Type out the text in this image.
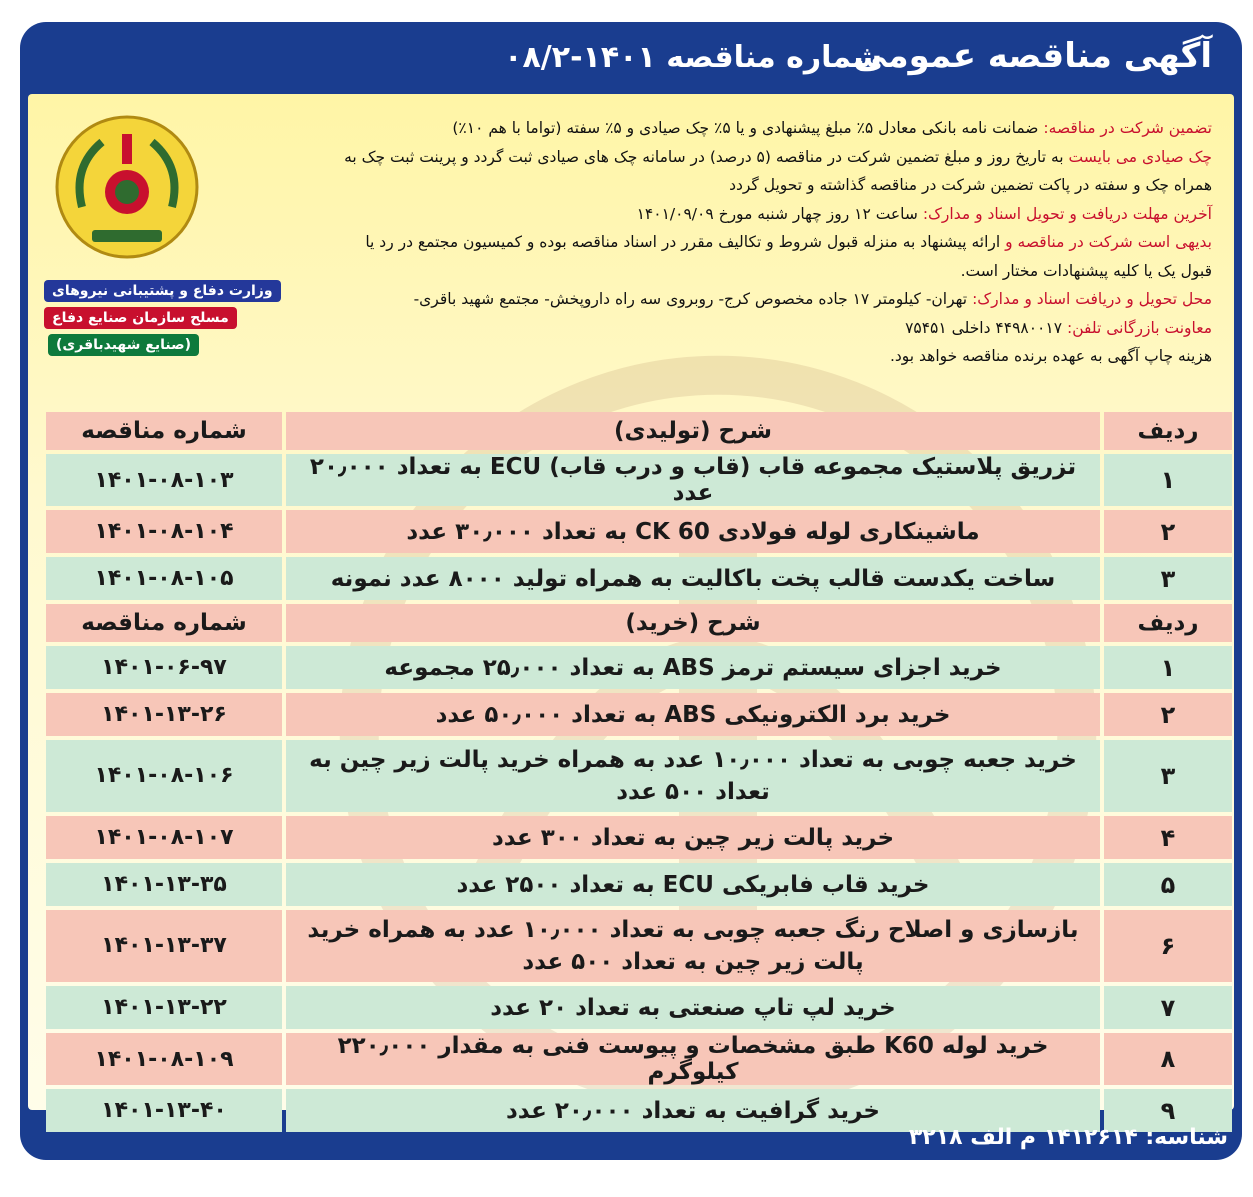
آگهی مناقصه عمومی
شماره مناقصه ۱۴۰۱-۰۸/۲
وزارت دفاع و پشتیبانی نیروهای
مسلح سازمان صنایع دفاع
(صنایع شهیدباقری)
تضمین شرکت در مناقصه: ضمانت نامه بانکی معادل ۵٪ مبلغ پیشنهادی و یا ۵٪ چک صیادی و ۵٪ سفته (تواما با هم ۱۰٪)
چک صیادی می بایست به تاریخ روز و مبلغ تضمین شرکت در مناقصه (۵ درصد) در سامانه چک های صیادی ثبت گردد و پرینت ثبت چک به همراه چک و سفته در پاکت تضمین شرکت در مناقصه گذاشته و تحویل گردد
آخرین مهلت دریافت و تحویل اسناد و مدارک: ساعت ۱۲ روز چهار شنبه مورخ ۱۴۰۱/۰۹/۰۹
بدیهی است شرکت در مناقصه و ارائه پیشنهاد به منزله قبول شروط و تکالیف مقرر در اسناد مناقصه بوده و کمیسیون مجتمع در رد یا قبول یک یا کلیه پیشنهادات مختار است.
محل تحویل و دریافت اسناد و مدارک: تهران- کیلومتر ۱۷ جاده مخصوص کرج- روبروی سه راه داروپخش- مجتمع شهید باقری-
معاونت بازرگانی تلفن: ۴۴۹۸۰۰۱۷ داخلی ۷۵۴۵۱
هزینه چاپ آگهی به عهده برنده مناقصه خواهد بود.
ردیف	شرح (تولیدی)	شماره مناقصه
۱	تزریق پلاستیک مجموعه قاب (قاب و درب قاب) ECU به تعداد ۲۰٫۰۰۰ عدد	۱۴۰۱-۰۸-۱۰۳
۲	ماشینکاری لوله فولادی CK 60 به تعداد ۳۰٫۰۰۰ عدد	۱۴۰۱-۰۸-۱۰۴
۳	ساخت یکدست قالب پخت باکالیت به همراه تولید ۸۰۰۰ عدد نمونه	۱۴۰۱-۰۸-۱۰۵
ردیف	شرح (خرید)	شماره مناقصه
۱	خرید اجزای سیستم ترمز ABS به تعداد ۲۵٫۰۰۰ مجموعه	۱۴۰۱-۰۶-۹۷
۲	خرید برد الکترونیکی ABS به تعداد ۵۰٫۰۰۰ عدد	۱۴۰۱-۱۳-۲۶
۳	خرید جعبه چوبی به تعداد ۱۰٫۰۰۰ عدد به همراه خرید پالت زیر چین به تعداد ۵۰۰ عدد	۱۴۰۱-۰۸-۱۰۶
۴	خرید پالت زیر چین به تعداد ۳۰۰ عدد	۱۴۰۱-۰۸-۱۰۷
۵	خرید قاب فابریکی ECU به تعداد ۲۵۰۰ عدد	۱۴۰۱-۱۳-۳۵
۶	بازسازی و اصلاح رنگ جعبه چوبی به تعداد ۱۰٫۰۰۰ عدد به همراه خرید پالت زیر چین به تعداد ۵۰۰ عدد	۱۴۰۱-۱۳-۳۷
۷	خرید لپ تاپ صنعتی به تعداد ۲۰ عدد	۱۴۰۱-۱۳-۲۲
۸	خرید لوله K60 طبق مشخصات و پیوست فنی به مقدار ۲۲۰٫۰۰۰ کیلوگرم	۱۴۰۱-۰۸-۱۰۹
۹	خرید گرافیت به تعداد ۲۰٫۰۰۰ عدد	۱۴۰۱-۱۳-۴۰
شناسه: ۱۴۱۲۶۱۴ م الف ۳۲۱۸
